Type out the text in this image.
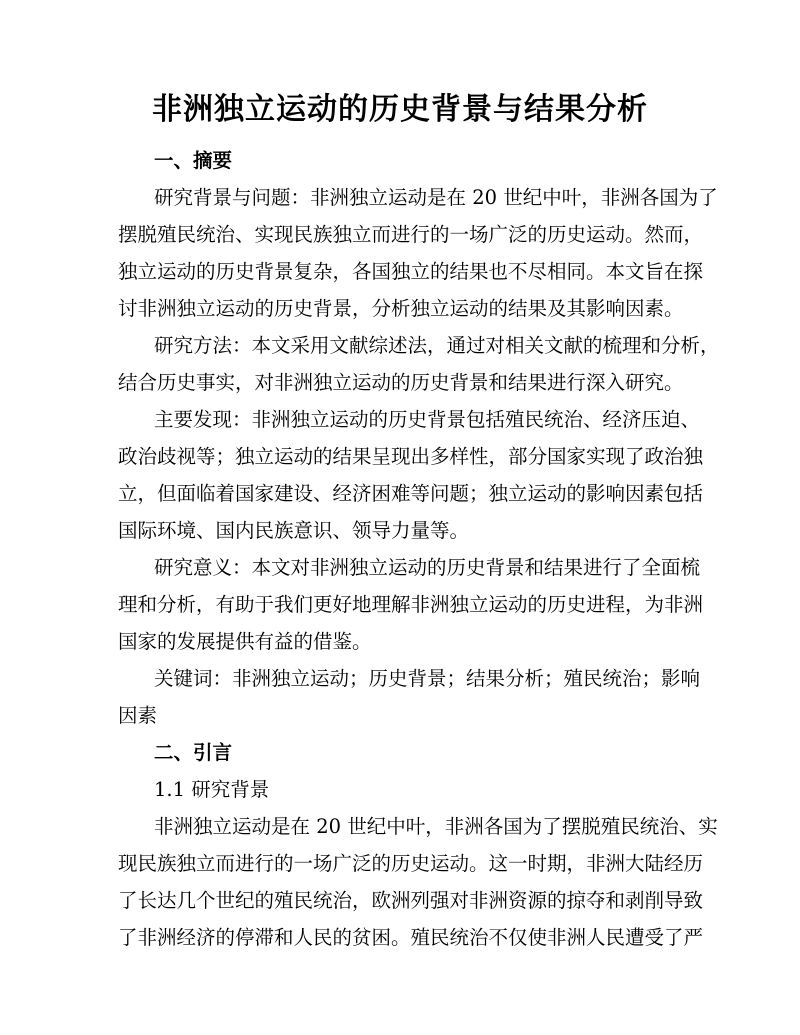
非洲独立运动的历史背景与结果分析
一、摘要
研究背景与问题：非洲独立运动是在 20 世纪中叶，非洲各国为了
摆脱殖民统治、实现民族独立而进行的一场广泛的历史运动。然而，
独立运动的历史背景复杂，各国独立的结果也不尽相同。本文旨在探
讨非洲独立运动的历史背景，分析独立运动的结果及其影响因素。
研究方法：本文采用文献综述法，通过对相关文献的梳理和分析，
结合历史事实，对非洲独立运动的历史背景和结果进行深入研究。
主要发现：非洲独立运动的历史背景包括殖民统治、经济压迫、
政治歧视等；独立运动的结果呈现出多样性，部分国家实现了政治独
立，但面临着国家建设、经济困难等问题；独立运动的影响因素包括
国际环境、国内民族意识、领导力量等。
研究意义：本文对非洲独立运动的历史背景和结果进行了全面梳
理和分析，有助于我们更好地理解非洲独立运动的历史进程，为非洲
国家的发展提供有益的借鉴。
关键词：非洲独立运动；历史背景；结果分析；殖民统治；影响
因素
二、引言
1.1 研究背景
非洲独立运动是在 20 世纪中叶，非洲各国为了摆脱殖民统治、实
现民族独立而进行的一场广泛的历史运动。这一时期，非洲大陆经历
了长达几个世纪的殖民统治，欧洲列强对非洲资源的掠夺和剥削导致
了非洲经济的停滞和人民的贫困。殖民统治不仅使非洲人民遭受了严
